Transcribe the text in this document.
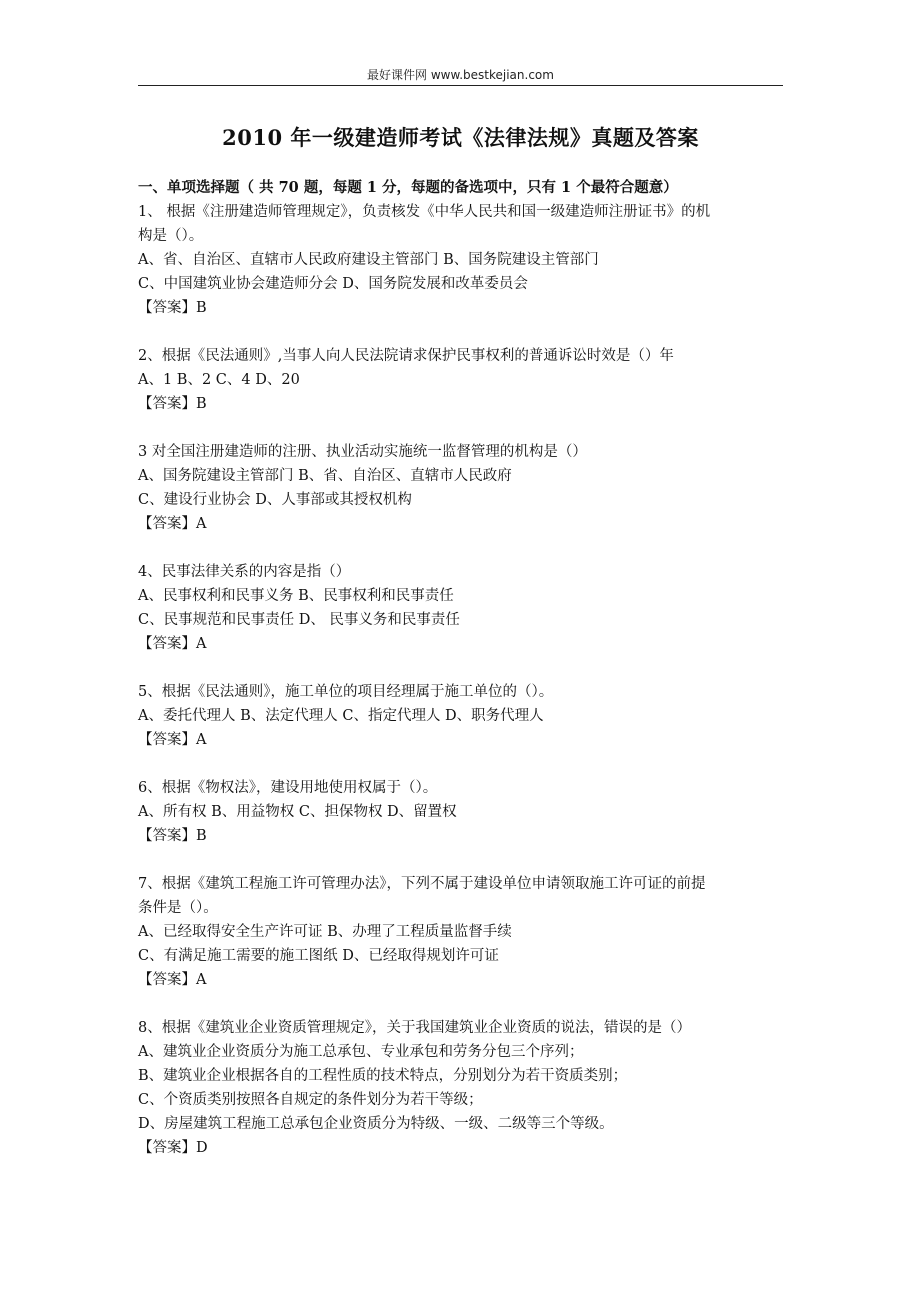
最好课件网 www.bestkejian.com
2010 年一级建造师考试《法律法规》真题及答案
一、单项选择题（ 共 70 题，每题 1 分，每题的备选项中，只有 1 个最符合题意）
1、 根据《注册建造师管理规定》，负责核发《中华人民共和国一级建造师注册证书》的机
构是（）。
A、省、自治区、直辖市人民政府建设主管部门 B、国务院建设主管部门
C、中国建筑业协会建造师分会 D、国务院发展和改革委员会
【答案】B
2、根据《民法通则》,当事人向人民法院请求保护民事权利的普通诉讼时效是（）年
A、1 B、2 C、4 D、20
【答案】B
3 对全国注册建造师的注册、执业活动实施统一监督管理的机构是（）
A、国务院建设主管部门 B、省、自治区、直辖市人民政府
C、建设行业协会 D、人事部或其授权机构
【答案】A
4、民事法律关系的内容是指（）
A、民事权利和民事义务 B、民事权利和民事责任
C、民事规范和民事责任 D、 民事义务和民事责任
【答案】A
5、根据《民法通则》，施工单位的项目经理属于施工单位的（）。
A、委托代理人 B、法定代理人 C、指定代理人 D、职务代理人
【答案】A
6、根据《物权法》，建设用地使用权属于（）。
A、所有权 B、用益物权 C、担保物权 D、留置权
【答案】B
7、根据《建筑工程施工许可管理办法》，下列不属于建设单位申请领取施工许可证的前提
条件是（）。
A、已经取得安全生产许可证 B、办理了工程质量监督手续
C、有满足施工需要的施工图纸 D、已经取得规划许可证
【答案】A
8、根据《建筑业企业资质管理规定》，关于我国建筑业企业资质的说法，错误的是（）
A、建筑业企业资质分为施工总承包、专业承包和劳务分包三个序列；
B、建筑业企业根据各自的工程性质的技术特点，分别划分为若干资质类别；
C、个资质类别按照各自规定的条件划分为若干等级；
D、房屋建筑工程施工总承包企业资质分为特级、一级、二级等三个等级。
【答案】D
